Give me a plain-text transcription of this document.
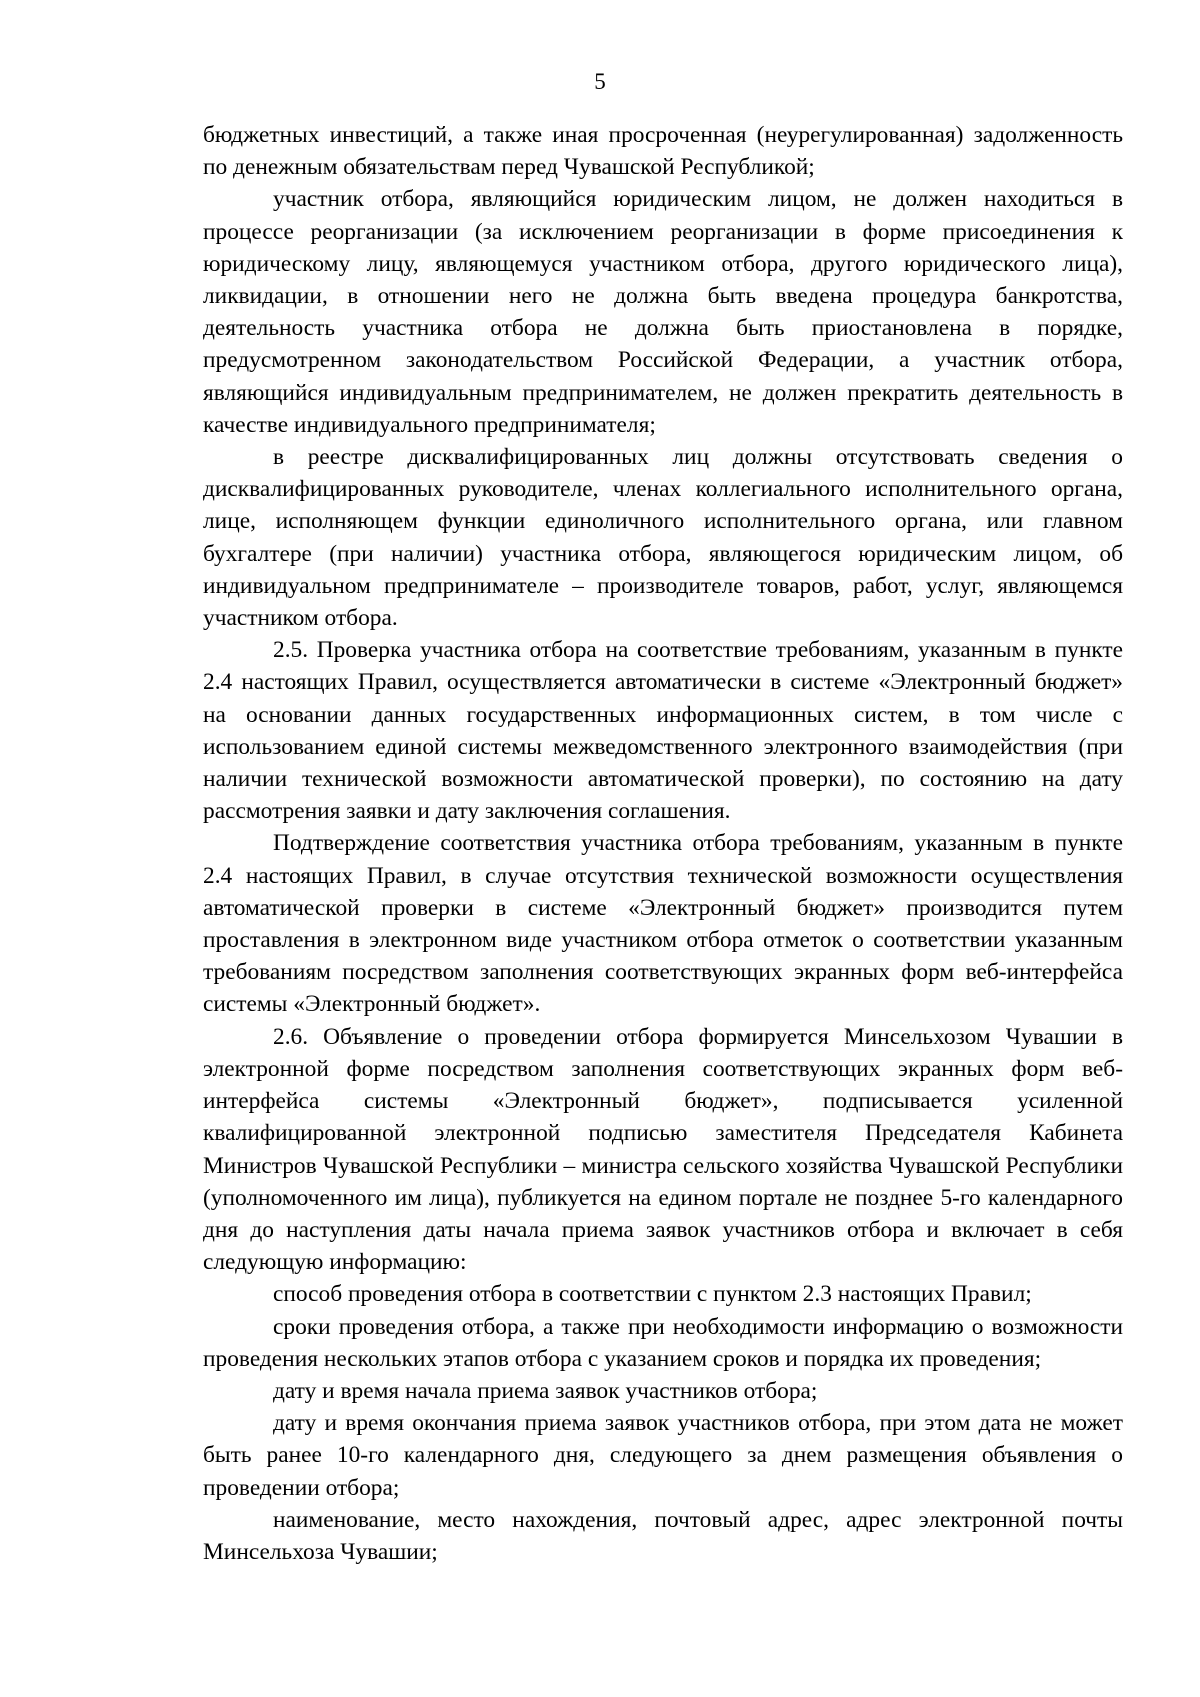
5

бюджетных инвестиций, а также иная просроченная (неурегулированная) задолженность по денежным обязательствам перед Чувашской Республикой;

участник отбора, являющийся юридическим лицом, не должен находиться в процессе реорганизации (за исключением реорганизации в форме присоединения к юридическому лицу, являющемуся участником отбора, другого юридического лица), ликвидации, в отношении него не должна быть введена процедура банкротства, деятельность участника отбора не должна быть приостановлена в порядке, предусмотренном законодательством Российской Федерации, а участник отбора, являющийся индивидуальным предпринимателем, не должен прекратить деятельность в качестве индивидуального предпринимателя;

в реестре дисквалифицированных лиц должны отсутствовать сведения о дисквалифицированных руководителе, членах коллегиального исполнительного органа, лице, исполняющем функции единоличного исполнительного органа, или главном бухгалтере (при наличии) участника отбора, являющегося юридическим лицом, об индивидуальном предпринимателе – производителе товаров, работ, услуг, являющемся участником отбора.

2.5. Проверка участника отбора на соответствие требованиям, указанным в пункте 2.4 настоящих Правил, осуществляется автоматически в системе «Электронный бюджет» на основании данных государственных информационных систем, в том числе с использованием единой системы межведомственного электронного взаимодействия (при наличии технической возможности автоматической проверки), по состоянию на дату рассмотрения заявки и дату заключения соглашения.

Подтверждение соответствия участника отбора требованиям, указанным в пункте 2.4 настоящих Правил, в случае отсутствия технической возможности осуществления автоматической проверки в системе «Электронный бюджет» производится путем проставления в электронном виде участником отбора отметок о соответствии указанным требованиям посредством заполнения соответствующих экранных форм веб-интерфейса системы «Электронный бюджет».

2.6. Объявление о проведении отбора формируется Минсельхозом Чувашии в электронной форме посредством заполнения соответствующих экранных форм веб-интерфейса системы «Электронный бюджет», подписывается усиленной квалифицированной электронной подписью заместителя Председателя Кабинета Министров Чувашской Республики – министра сельского хозяйства Чувашской Республики (уполномоченного им лица), публикуется на едином портале не позднее 5-го календарного дня до наступления даты начала приема заявок участников отбора и включает в себя следующую информацию:

способ проведения отбора в соответствии с пунктом 2.3 настоящих Правил;

сроки проведения отбора, а также при необходимости информацию о возможности проведения нескольких этапов отбора с указанием сроков и порядка их проведения;

дату и время начала приема заявок участников отбора;

дату и время окончания приема заявок участников отбора, при этом дата не может быть ранее 10-го календарного дня, следующего за днем размещения объявления о проведении отбора;

наименование, место нахождения, почтовый адрес, адрес электронной почты Минсельхоза Чувашии;
